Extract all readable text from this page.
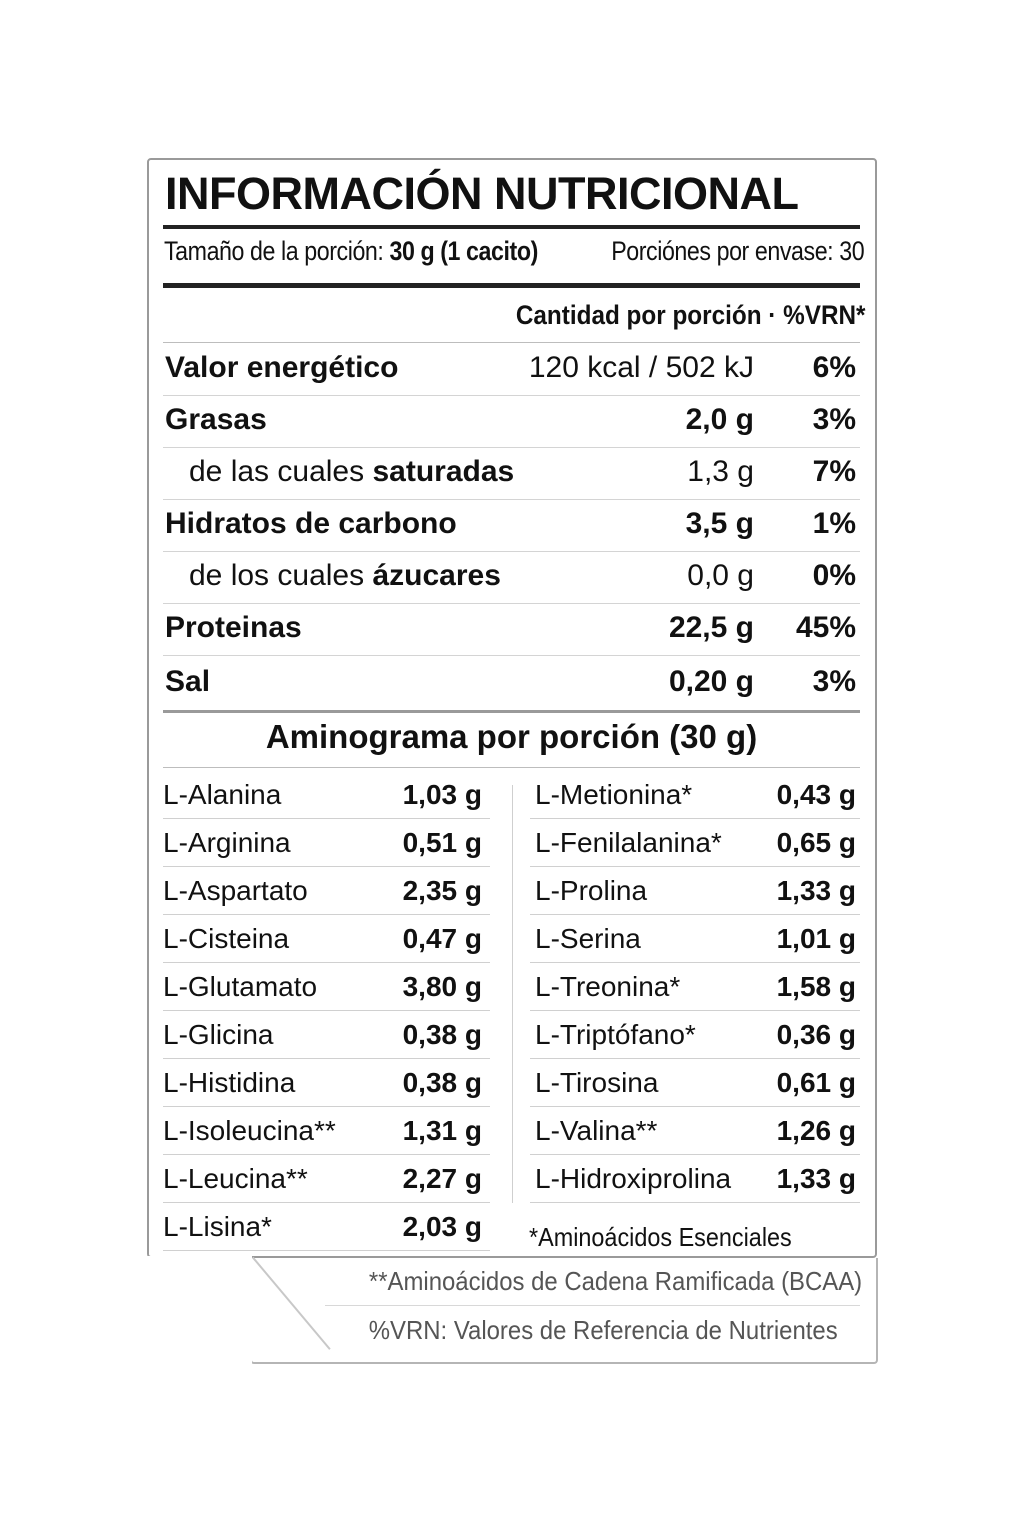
INFORMACIÓN NUTRICIONAL
Tamaño de la porción: 30 g (1 cacito)	Porciónes por envase: 30
Cantidad por porción · %VRN*
Valor energético	120 kcal / 502 kJ 6%
Grasas	2,0 g 3%
de las cuales saturadas	1,3 g 7%
Hidratos de carbono	3,5 g 1%
de los cuales ázucares	0,0 g 0%
Proteinas	22,5 g 45%
Sal	0,20 g 3%
Aminograma por porción (30 g)
L-Alanina	1,03 g
L-Arginina	0,51 g
L-Aspartato	2,35 g
L-Cisteina	0,47 g
L-Glutamato	3,80 g
L-Glicina	0,38 g
L-Histidina	0,38 g
L-Isoleucina** 1,31 g
L-Leucina**	2,27 g
L-Lisina*	2,03 g
L-Metionina*	0,43 g
L-Fenilalanina* 0,65 g
L-Prolina	1,33 g
L-Serina	1,01 g
L-Treonina*	1,58 g
L-Triptófano*	0,36 g
L-Tirosina	0,61 g
L-Valina**	1,26 g
L-Hidroxiprolina 1,33 g
*Aminoácidos Esenciales
**Aminoácidos de Cadena Ramificada (BCAA)
%VRN: Valores de Referencia de Nutrientes
